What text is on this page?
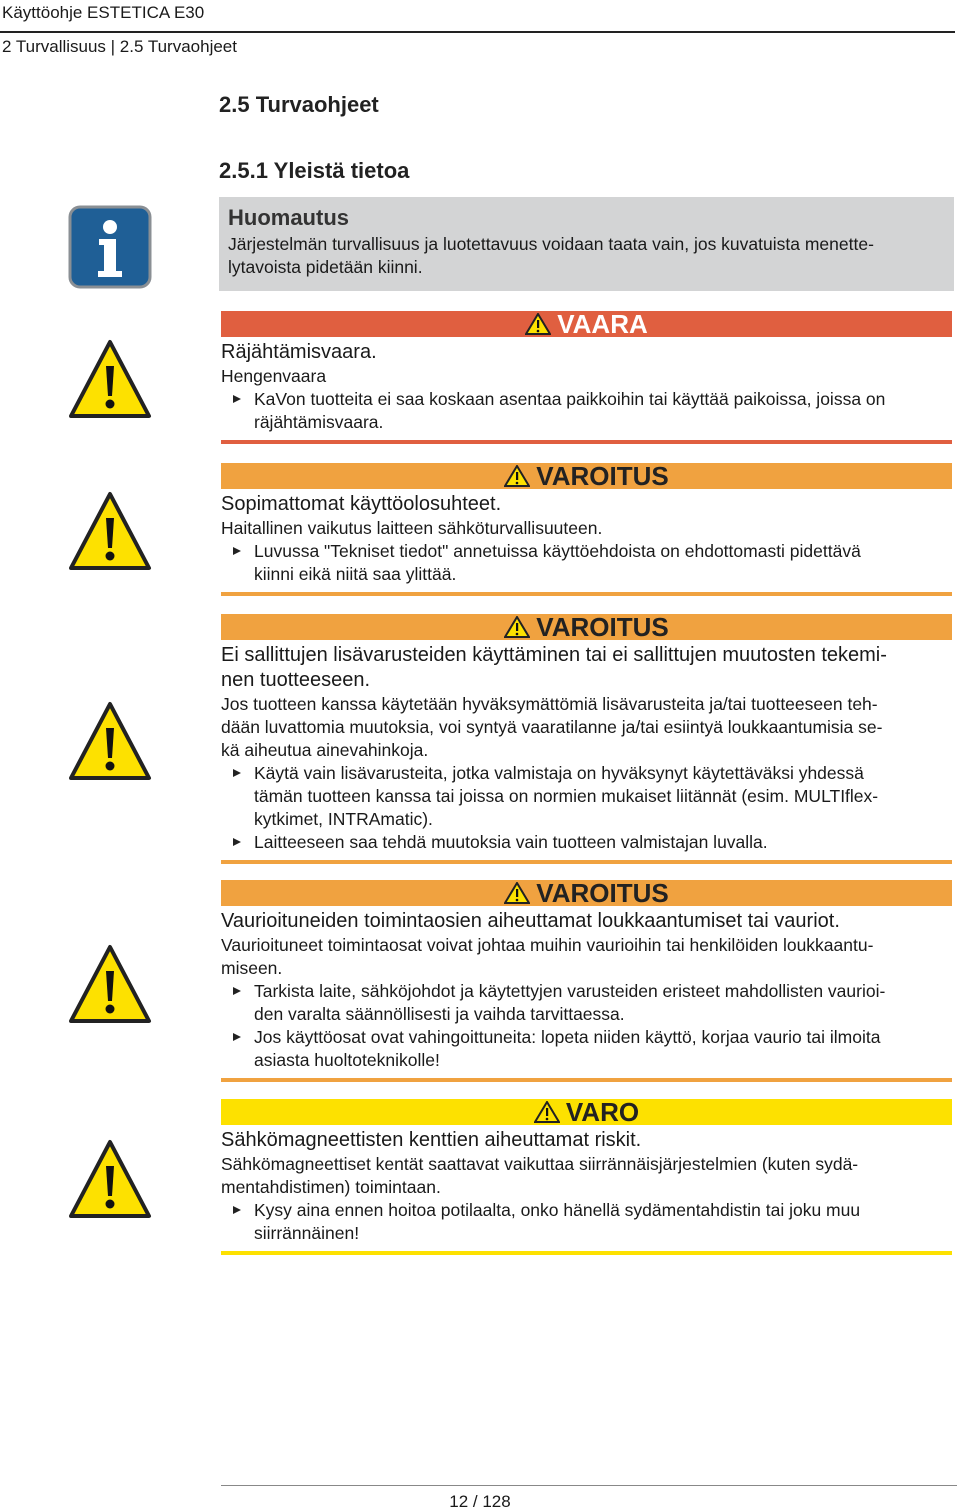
Käyttöohje ESTETICA E30
2 Turvallisuus | 2.5 Turvaohjeet
2.5 Turvaohjeet
2.5.1 Yleistä tietoa
Huomautus
Järjestelmän turvallisuus ja luotettavuus voidaan taata vain, jos kuvatuista menette-
lytavoista pidetään kiinni.
VAARA
Räjähtämisvaara.
Hengenvaara
KaVon tuotteita ei saa koskaan asentaa paikkoihin tai käyttää paikoissa, joissa on
räjähtämisvaara.
VAROITUS
Sopimattomat käyttöolosuhteet.
Haitallinen vaikutus laitteen sähköturvallisuuteen.
Luvussa "Tekniset tiedot" annetuissa käyttöehdoista on ehdottomasti pidettävä
kiinni eikä niitä saa ylittää.
VAROITUS
Ei sallittujen lisävarusteiden käyttäminen tai ei sallittujen muutosten tekemi-
nen tuotteeseen.
Jos tuotteen kanssa käytetään hyväksymättömiä lisävarusteita ja/tai tuotteeseen teh-
dään luvattomia muutoksia, voi syntyä vaaratilanne ja/tai esiintyä loukkaantumisia se-
kä aiheutua ainevahinkoja.
Käytä vain lisävarusteita, jotka valmistaja on hyväksynyt käytettäväksi yhdessä
tämän tuotteen kanssa tai joissa on normien mukaiset liitännät (esim. MULTIflex-
kytkimet, INTRAmatic).
Laitteeseen saa tehdä muutoksia vain tuotteen valmistajan luvalla.
VAROITUS
Vaurioituneiden toimintaosien aiheuttamat loukkaantumiset tai vauriot.
Vaurioituneet toimintaosat voivat johtaa muihin vaurioihin tai henkilöiden loukkaantu-
miseen.
Tarkista laite, sähköjohdot ja käytettyjen varusteiden eristeet mahdollisten vaurioi-
den varalta säännöllisesti ja vaihda tarvittaessa.
Jos käyttöosat ovat vahingoittuneita: lopeta niiden käyttö, korjaa vaurio tai ilmoita
asiasta huoltoteknikolle!
VARO
Sähkömagneettisten kenttien aiheuttamat riskit.
Sähkömagneettiset kentät saattavat vaikuttaa siirrännäisjärjestelmien (kuten sydä-
mentahdistimen) toimintaan.
Kysy aina ennen hoitoa potilaalta, onko hänellä sydämentahdistin tai joku muu
siirrännäinen!
12 / 128
